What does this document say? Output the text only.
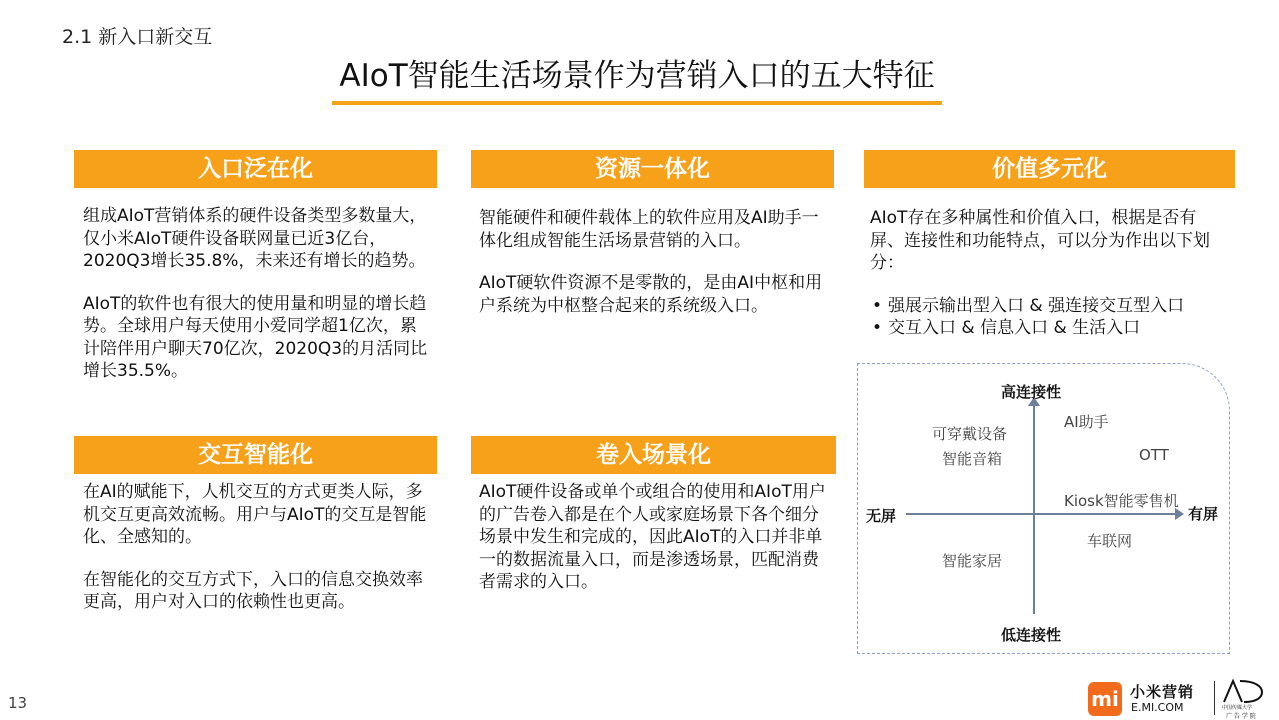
2.1 新入口新交互
AIoT智能生活场景作为营销入口的五大特征
入口泛在化

组成AIoT营销体系的硬件设备类型多数量大，仅小米AIoT硬件设备联网量已近3亿台， 2020Q3增长35.8%，未来还有增长的趋势。

AIoT的软件也有很大的使用量和明显的增长趋势。全球用户每天使用小爱同学超1亿次，累计陪伴用户聊天70亿次，2020Q3的月活同比增长35.5%。

资源一体化

智能硬件和硬件载体上的软件应用及AI助手一体化组成智能生活场景营销的入口。

AIoT硬软件资源不是零散的，是由AI中枢和用户系统为中枢整合起来的系统级入口。

价值多元化

AIoT存在多种属性和价值入口，根据是否有屏、连接性和功能特点，可以分为作出以下划分：

• 强展示输出型入口 & 强连接交互型入口
• 交互入口 & 信息入口 & 生活入口
交互智能化

在AI的赋能下，人机交互的方式更类人际，多机交互更高效流畅。用户与AIoT的交互是智能化、全感知的。

在智能化的交互方式下，入口的信息交换效率更高，用户对入口的依赖性也更高。

卷入场景化

AIoT硬件设备或单个或组合的使用和AIoT用户的广告卷入都是在个人或家庭场景下各个细分场景中发生和完成的，因此AIoT的入口并非单一的数据流量入口，而是渗透场景，匹配消费者需求的入口。

高连接性
低连接性
无屏	有屏
可穿戴设备
智能音箱
AI助手
OTT
Kiosk智能零售机
智能家居
车联网
13	mi 小米营销
E.MI.COM	中国传媒大学
广 告 学 院
